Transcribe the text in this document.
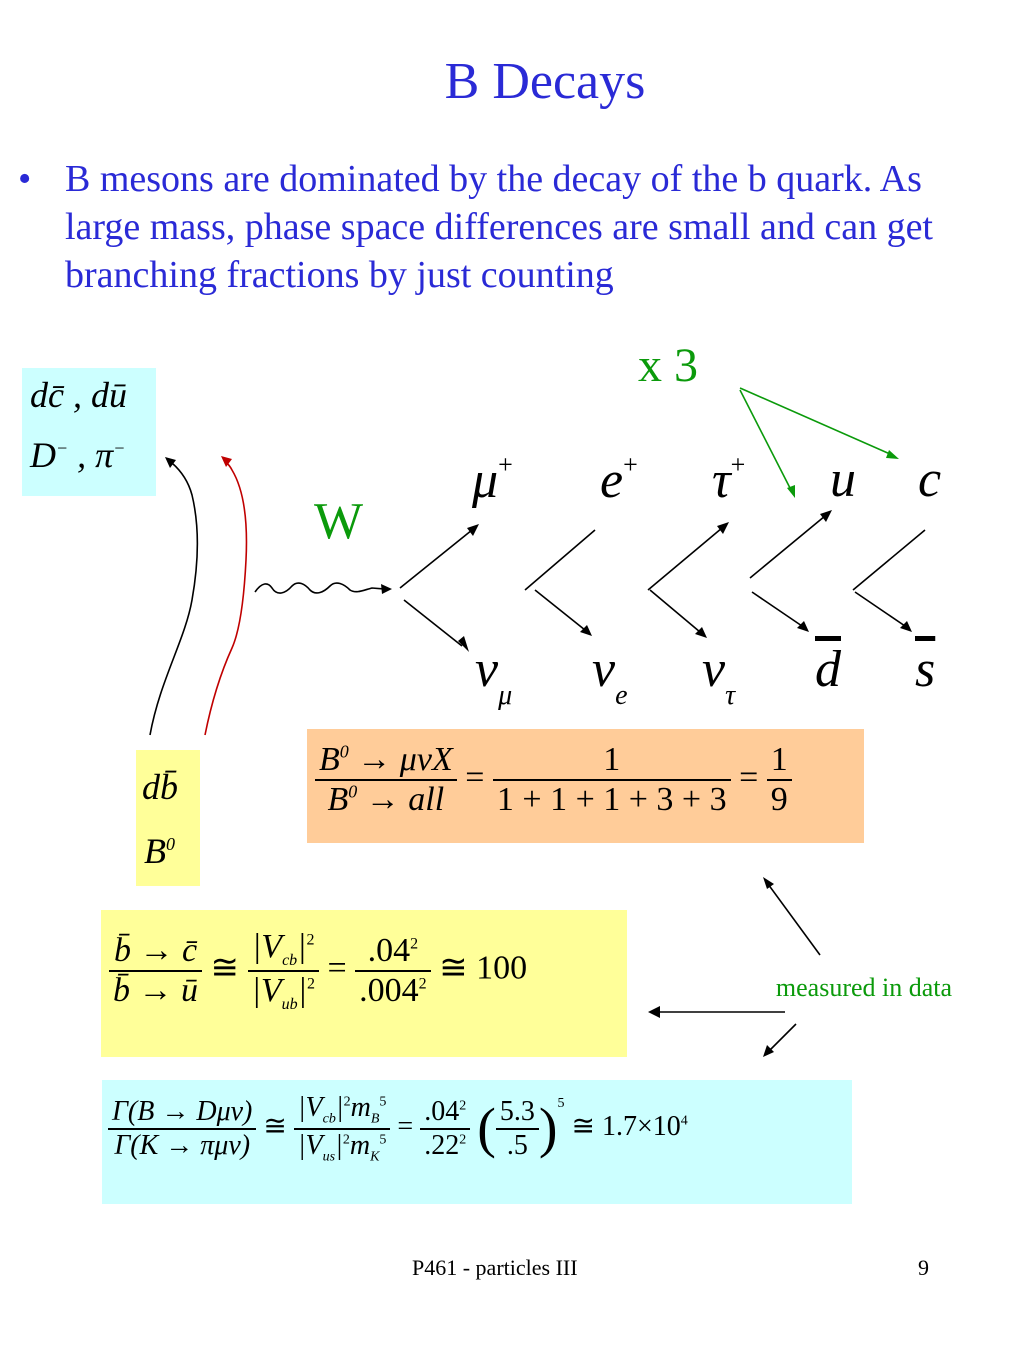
B Decays
• B mesons are dominated by the decay of the b quark. As large mass, phase space differences are small and can get branching fractions by just counting
x 3
W
measured in data
μ+ e+ τ+ u c
$\nu_\mu$ $\nu_e$ $\nu_\tau$ $\overline{d}$ $\overline{s}$
dc̄ , dū
D− , π−
db̄
$B^0$
$\frac{B^0 \to \mu\nu X}{B^0 \to all} = \frac{1}{1 + 1 + 1 + 3 + 3} = \frac{1}{9}$
$\frac{b̄ \to c̄}{b̄ \to ū}$ ≅ $\frac{|V_{cb}|^2}{|V_{ub}|^2} = \frac{.04^2}{.004^2}$ ≅ 100
$\frac{\text{Γ(B → Dμν)}}{\text{Γ(K → πμν)}}$ ≅ $\frac{|V_{cb}|^2m_B^5}{|V_{us}|^2m_K^5} = \frac{.04^2}{.22^2}$ ( $\frac{5.3}{.5} )^5$ ≅ $1.7\times 10^4$
P461 - particles III	9
